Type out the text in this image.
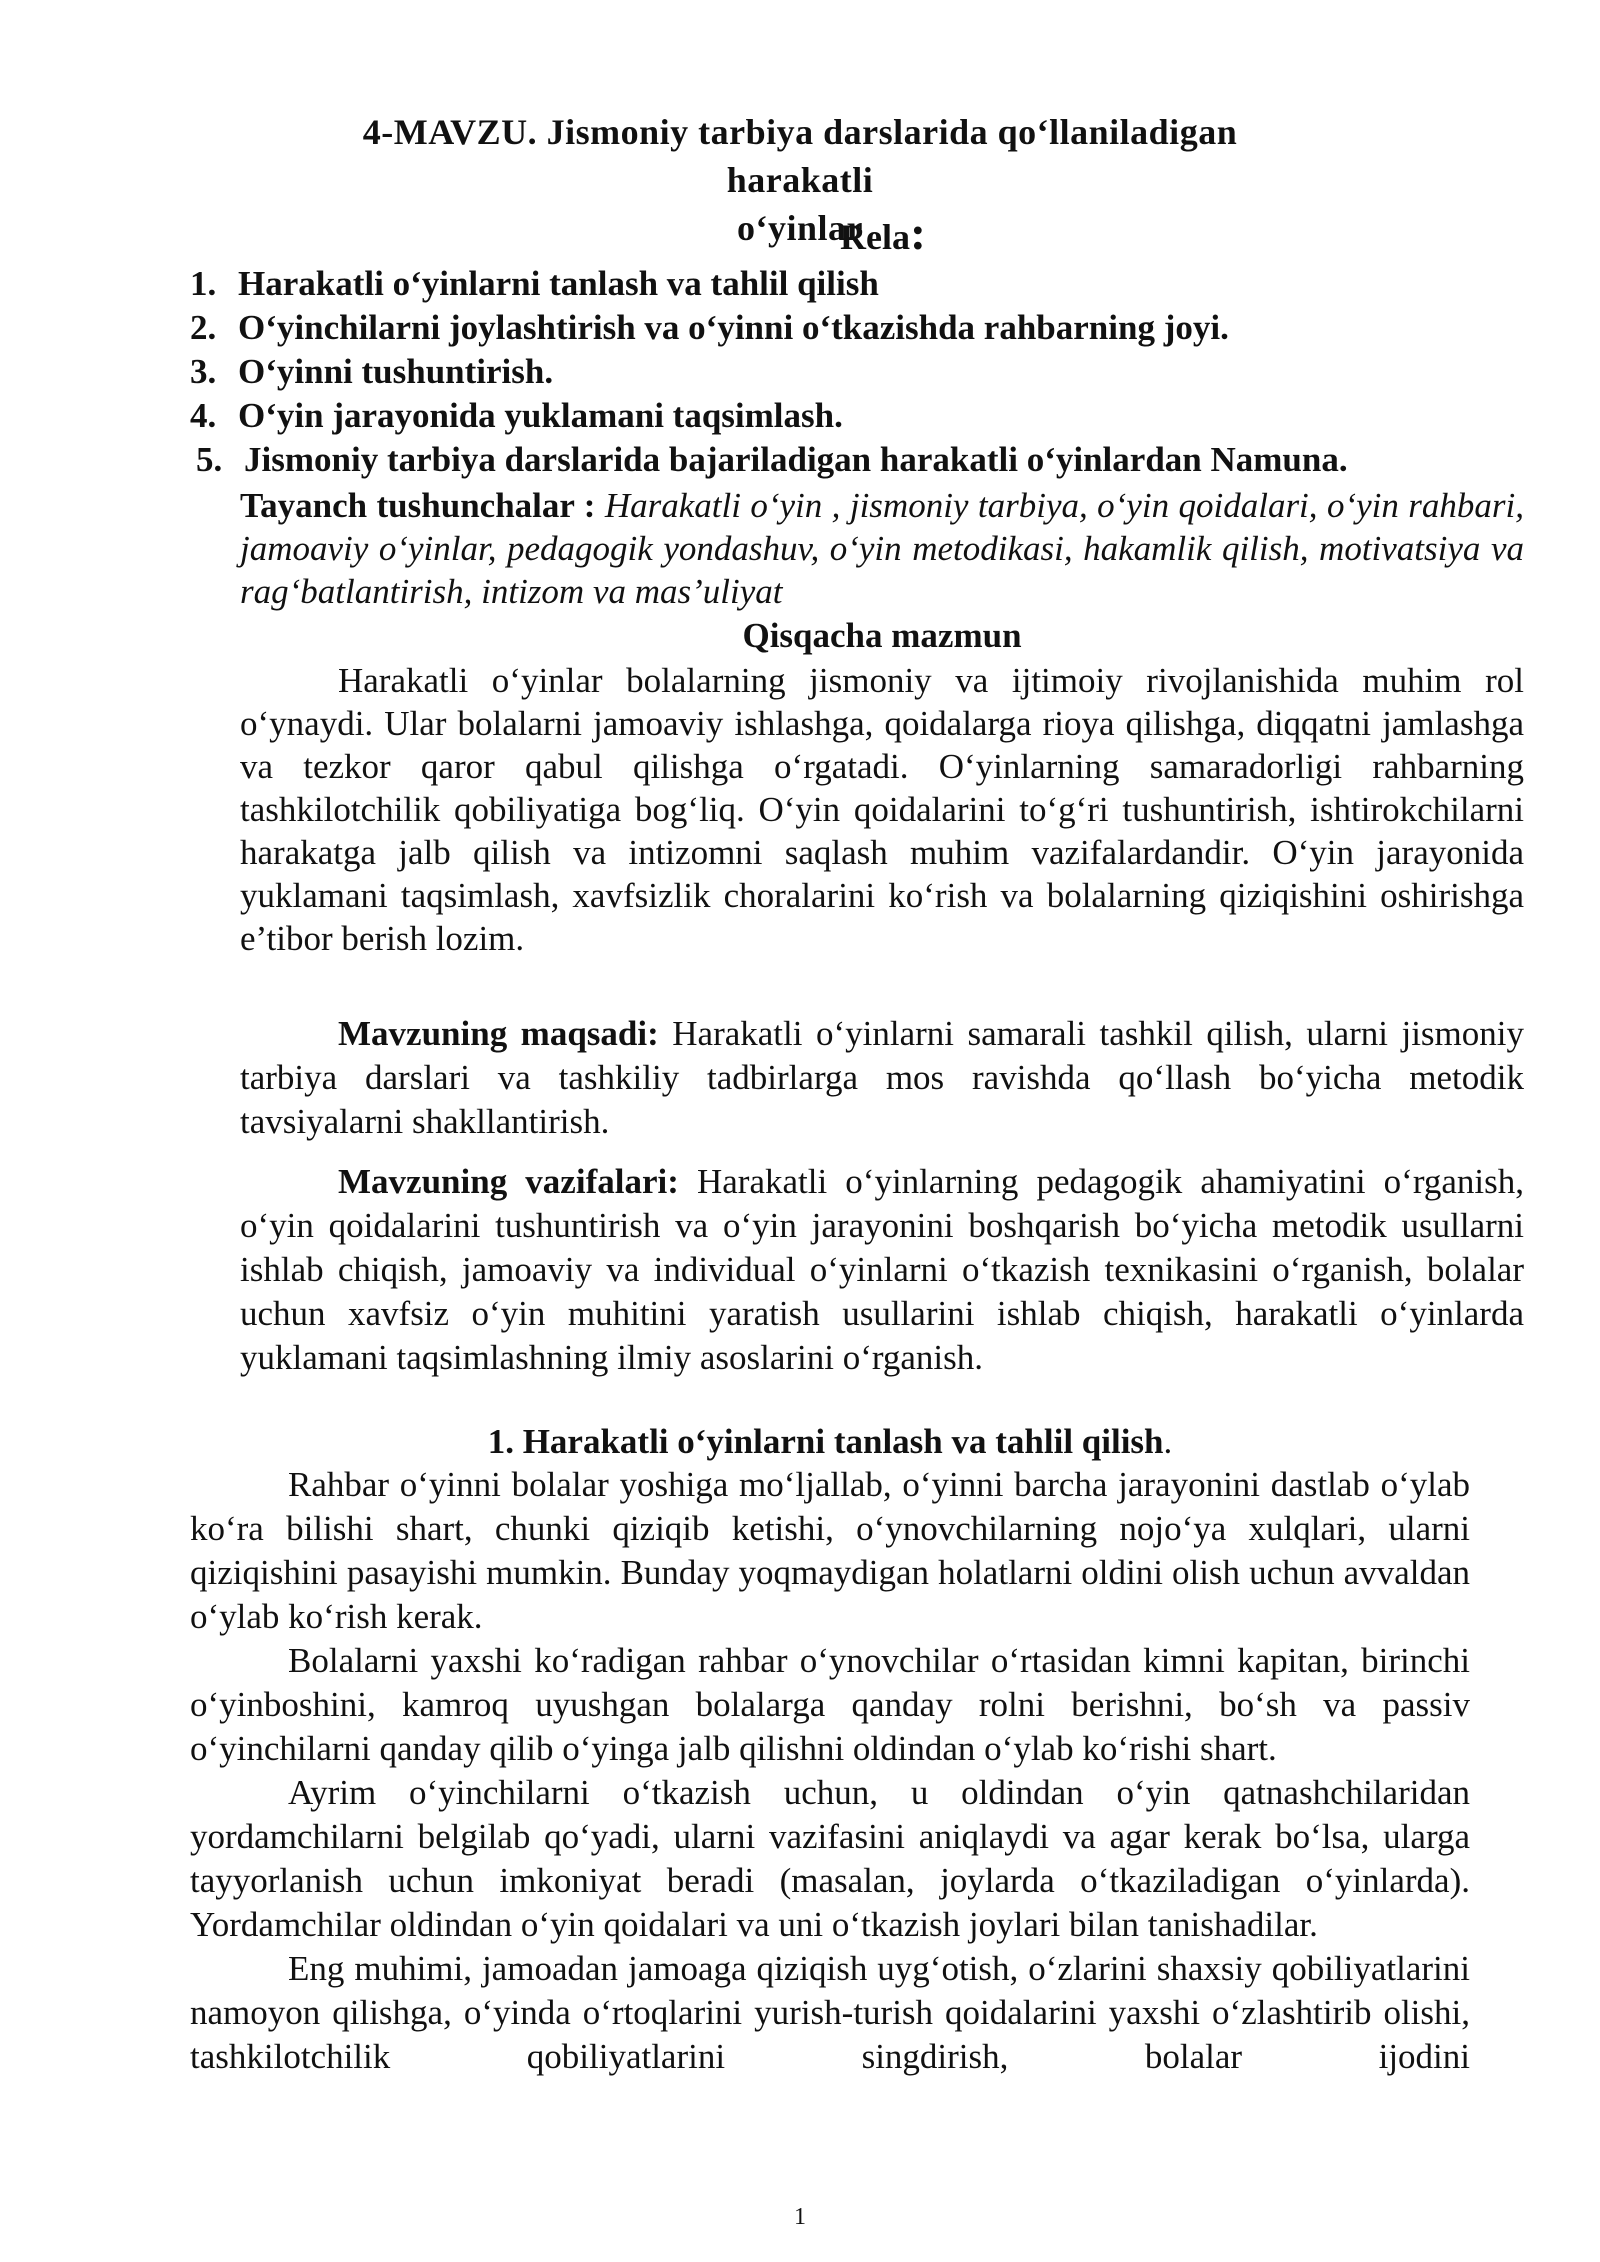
4-MAVZU. Jismoniy tarbiya darslarida qo‘llaniladigan harakatli
o‘yinlar
Rela:
1. Harakatli o‘yinlarni tanlash va tahlil qilish
2. O‘yinchilarni joylashtirish va o‘yinni o‘tkazishda rahbarning joyi.
3. O‘yinni tushuntirish.
4. O‘yin jarayonida yuklamani taqsimlash.
5. Jismoniy tarbiya darslarida bajariladigan harakatli o‘yinlardan Namuna.
Tayanch tushunchalar : Harakatli o‘yin , jismoniy tarbiya, o‘yin qoidalari, o‘yin rahbari, jamoaviy o‘yinlar, pedagogik yondashuv, o‘yin metodikasi, hakamlik qilish, motivatsiya va rag‘batlantirish, intizom va mas’uliyat
Qisqacha mazmun
Harakatli o‘yinlar bolalarning jismoniy va ijtimoiy rivojlanishida muhim rol o‘ynaydi. Ular bolalarni jamoaviy ishlashga, qoidalarga rioya qilishga, diqqatni jamlashga va tezkor qaror qabul qilishga o‘rgatadi. O‘yinlarning samaradorligi rahbarning tashkilotchilik qobiliyatiga bog‘liq. O‘yin qoidalarini to‘g‘ri tushuntirish, ishtirokchilarni harakatga jalb qilish va intizomni saqlash muhim vazifalardandir. O‘yin jarayonida yuklamani taqsimlash, xavfsizlik choralarini ko‘rish va bolalarning qiziqishini oshirishga e’tibor berish lozim.
Mavzuning maqsadi: Harakatli o‘yinlarni samarali tashkil qilish, ularni jismoniy tarbiya darslari va tashkiliy tadbirlarga mos ravishda qo‘llash bo‘yicha metodik tavsiyalarni shakllantirish.
Mavzuning vazifalari: Harakatli o‘yinlarning pedagogik ahamiyatini o‘rganish, o‘yin qoidalarini tushuntirish va o‘yin jarayonini boshqarish bo‘yicha metodik usullarni ishlab chiqish, jamoaviy va individual o‘yinlarni o‘tkazish texnikasini o‘rganish, bolalar uchun xavfsiz o‘yin muhitini yaratish usullarini ishlab chiqish, harakatli o‘yinlarda yuklamani taqsimlashning ilmiy asoslarini o‘rganish.
1. Harakatli o‘yinlarni tanlash va tahlil qilish.

Rahbar o‘yinni bolalar yoshiga mo‘ljallab, o‘yinni barcha jarayonini dastlab o‘ylab ko‘ra bilishi shart, chunki qiziqib ketishi, o‘ynovchilarning nojo‘ya xulqlari, ularni qiziqishini pasayishi mumkin. Bunday yoqmaydigan holatlarni oldini olish uchun avvaldan o‘ylab ko‘rish kerak.

Bolalarni yaxshi ko‘radigan rahbar o‘ynovchilar o‘rtasidan kimni kapitan, birinchi o‘yinboshini, kamroq uyushgan bolalarga qanday rolni berishni, bo‘sh va passiv o‘yinchilarni qanday qilib o‘yinga jalb qilishni oldindan o‘ylab ko‘rishi shart.

Ayrim o‘yinchilarni o‘tkazish uchun, u oldindan o‘yin qatnashchilaridan yordamchilarni belgilab qo‘yadi, ularni vazifasini aniqlaydi va agar kerak bo‘lsa, ularga tayyorlanish uchun imkoniyat beradi (masalan, joylarda o‘tkaziladigan o‘yinlarda). Yordamchilar oldindan o‘yin qoidalari va uni o‘tkazish joylari bilan tanishadilar.

Eng muhimi, jamoadan jamoaga qiziqish uyg‘otish, o‘zlarini shaxsiy qobiliyatlarini namoyon qilishga, o‘yinda o‘rtoqlarini yurish-turish qoidalarini yaxshi o‘zlashtirib olishi, tashkilotchilik qobiliyatlarini singdirish, bolalar ijodini

1
